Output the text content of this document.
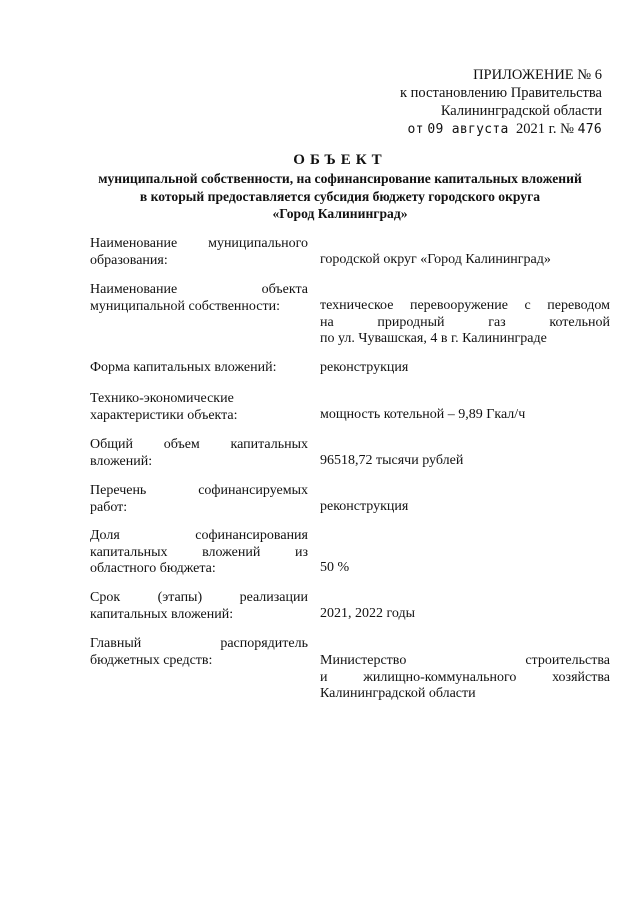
ПРИЛОЖЕНИЕ № 6
к постановлению Правительства
Калининградской области
от 09 августа 2021 г. № 476
ОБЪЕКТ
муниципальной собственности, на софинансирование капитальных вложений
в который предоставляется субсидия бюджету городского округа
«Город Калининград»
Наименование муниципального
образования:	городской округ «Город Калининград»
Наименование объекта
муниципальной собственности:	техническое перевооружение с переводом
на природный газ котельной
по ул. Чувашская, 4 в г. Калининграде
Форма капитальных вложений:	реконструкция
Технико-экономические
характеристики объекта:	мощность котельной – 9,89 Гкал/ч
Общий объем капитальных
вложений:	96518,72 тысячи рублей
Перечень софинансируемых
работ:	реконструкция
Доля софинансирования
капитальных вложений из
областного бюджета:	50 %
Срок (этапы) реализации
капитальных вложений:	2021, 2022 годы
Главный распорядитель
бюджетных средств:	Министерство строительства
и жилищно-коммунального хозяйства
Калининградской области
